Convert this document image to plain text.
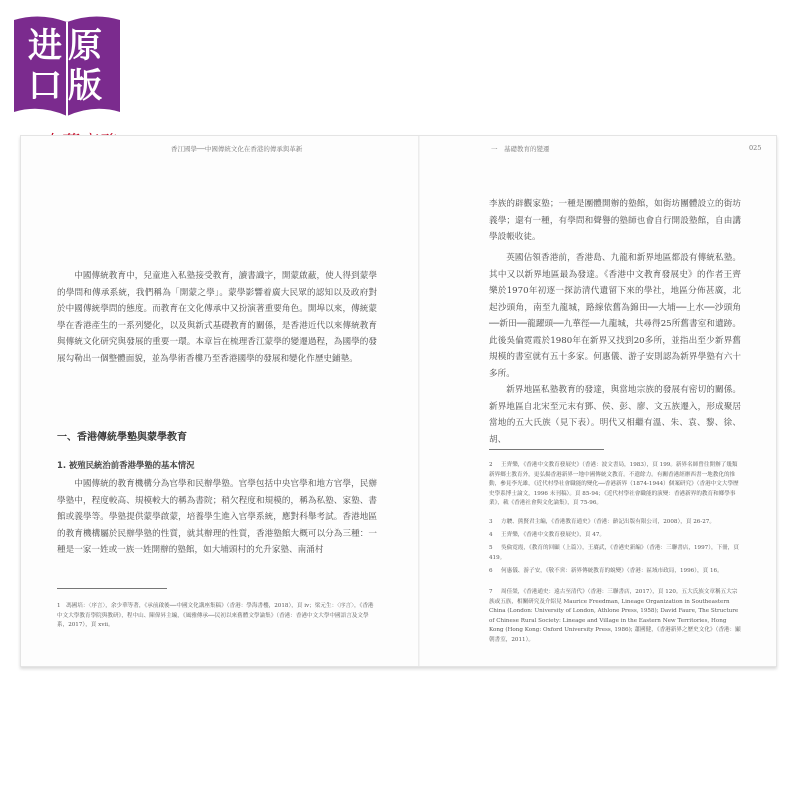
进原
口版
香江國學──中國傳統文化在香港的傳承與革新
中國傳統教育中，兒童進入私塾接受教育，讀書識字，開蒙啟蔽，使人得到蒙學的學問和傳承系統，我們稱為「開蒙之學」。蒙學影響着廣大民眾的認知以及政府對於中國傳統學問的態度。而教育在文化傳承中又扮演著重要角色。開埠以來，傳統蒙學在香港產生的一系列變化，以及與新式基礎教育的關係，是香港近代以來傳統教育與傳統文化研究與發展的重要一環。本章旨在梳理香江蒙學的變遷過程，為國學的發展勾勒出一個整體面貌，並為學術香樓乃至香港國學的發展和變化作歷史鋪墊。
一、香港傳統學塾與蒙學教育
1. 被殖民統治前香港學塾的基本情況
中國傳統的教育機構分為官學和民辦學塾。官學包括中央官學和地方官學，民辦學塾中，程度較高、規模較大的稱為書院；稍欠程度和規模的，稱為私塾、家塾、書館或義學等。學塾提供蒙學啟蒙，培養學生進入官學系統，應對科舉考試。香港地區的教育機構屬於民辦學塾的性質，就其辦理的性質，香港塾館大概可以分為三種：一種是一家一姓或一族一姓開辦的塾館，如大埔頭村的允升家塾、南涌村
1　馮國培：〈序言〉，余少華等著，《承前啟後──中國文化講座集稿》（香港：學海書樓，2018），頁 iv；梁元生：〈序言〉，《香港中文大學教育學院與教研》，程中山、陳偉昇主編，《風雅傳承──民初以來舊體文學論集》（香港：香港中文大學中國語言及文學系，2017），頁 xvii。
一　基礎教育的變遷	025
李族的辟觀家塾；一種是團體開辦的塾館，如街坊團體設立的街坊義學；還有一種，有學問和聲譽的塾師也會自行開設塾館，自由講學設帳收徒。
英國佔領香港前，香港島、九龍和新界地區都設有傳統私塾。其中又以新界地區最為發達。《香港中文教育發展史》的作者王齊樂於1970年初逐一探訪清代遺留下來的學社，地區分佈甚廣，北起沙頭角，南至九龍城，路線依舊為錦田──大埔──上水──沙頭角──新田──龍躍頭──九華徑──九龍城，共尋得25所舊書室和遺跡。此後吳倫霓霞於1980年在新界又找到20多所，並指出至少新界舊規模的書室就有五十多家。何惠儀、游子安則認為新界學塾有六十多所。
新界地區私塾教育的發達，與當地宗族的發展有密切的關係。新界地區自北宋至元末有鄧、侯、彭、廖、文五族遷入，形成聚居當地的五大氏族（見下表）。明代又相繼有溫、朱、袁、黎、徐、胡、
2 王齊樂，《香港中文教育發展史》（香港：波文書局，1983），頁 199。新界名師曾往開辦了幾類新界鄉土教育外，更弘揚香港新界一地中國傳統文教育。不遺餘力。有關香港經辦西書一地教化的推動，參見李光雄，《近代村學社會職能的變化──香港新界（1874-1944）個案研究》（香港中文大學歷史學系博士論文，1996 未刊稿）。頁 85-94；《近代村學社會職能的演變：香港新界的教育和鄉學事業》，載《香港社會與文化論集》，頁 75-96。
3 方駿、熊賢君主編，《香港教育通史》（香港：齡記出版有限公司，2008），頁 26-27。
4 王齊樂，《香港中文教育發展史》，頁 47。
5 吳倫霓霞，《教育的回顧（上篇）》，王賡武，《香港史新編》（香港：三聯書店，1997），下冊，頁 419。
6 何惠儀、游子安，《敬不啻：新界傳統教育的蛻變》（香港：區域市政局，1996），頁 16。
7 周佳榮，《香港通史：遠古至清代》（香港：三聯書店，2017），頁 120。五大氏族文章稱五大宗族或五族，相關研究及介紹見 Maurice Freedman, Lineage Organization in Southeastern China (London: University of London, Athlone Press, 1958); David Faure, The Structure of Chinese Rural Society: Lineage and Village in the Eastern New Territories, Hong Kong (Hong Kong: Oxford University Press, 1986); 蕭國健，《香港新界之歷史文化》（香港：顯朝書室，2011）。
